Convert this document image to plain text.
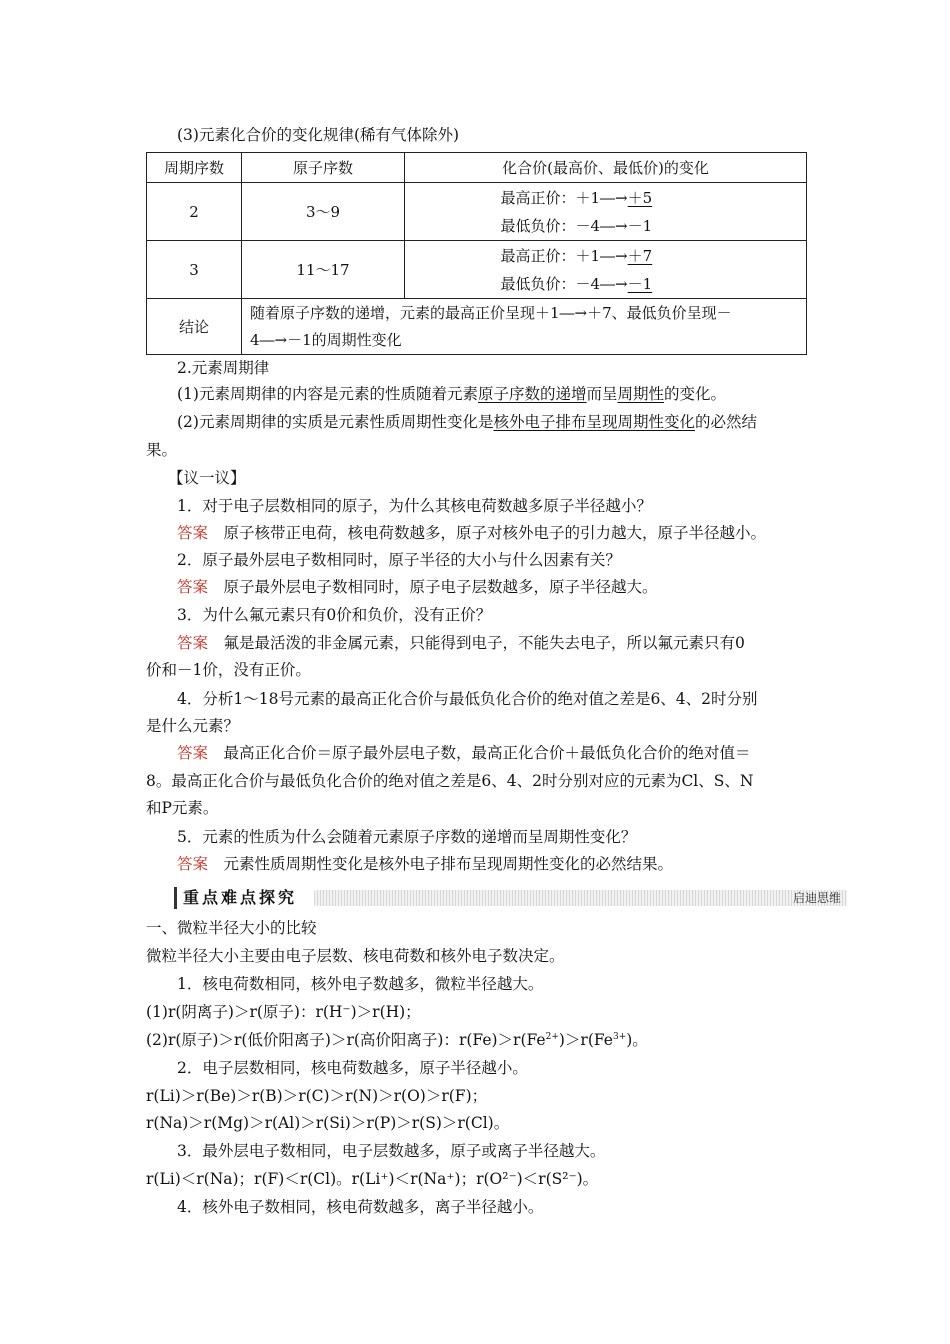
(3)元素化合价的变化规律(稀有气体除外)
周期序数	原子序数	化合价(最高价、最低价)的变化
2	3～9	最高正价：＋1―→＋5
最低负价：－4―→－1

3	11～17	最高正价：＋1―→＋7
最低负价：－4―→－1

结论	随着原子序数的递增，元素的最高正价呈现＋1―→＋7、最低负价呈现－
4―→－1的周期性变化	
2.元素周期律
(1)元素周期律的内容是元素的性质随着元素原子序数的递增而呈周期性的变化。
(2)元素周期律的实质是元素性质周期性变化是核外电子排布呈现周期性变化的必然结
果。
【议一议】
1．对于电子层数相同的原子，为什么其核电荷数越多原子半径越小？
答案　 原子核带正电荷，核电荷数越多，原子对核外电子的引力越大，原子半径越小。
2．原子最外层电子数相同时，原子半径的大小与什么因素有关？
答案　 原子最外层电子数相同时，原子电子层数越多，原子半径越大。
3．为什么氟元素只有0价和负价，没有正价？
答案　 氟是最活泼的非金属元素，只能得到电子，不能失去电子，所以氟元素只有0
价和－1价，没有正价。
4．分析1～18号元素的最高正化合价与最低负化合价的绝对值之差是6、4、2时分别
是什么元素？
答案　 最高正化合价＝原子最外层电子数，最高正化合价＋最低负化合价的绝对值＝
8。最高正化合价与最低负化合价的绝对值之差是6、4、2时分别对应的元素为Cl、S、N
和P元素。
5．元素的性质为什么会随着元素原子序数的递增而呈周期性变化？
答案　 元素性质周期性变化是核外电子排布呈现周期性变化的必然结果。
重点难点探究	启迪思维
一、微粒半径大小的比较
微粒半径大小主要由电子层数、核电荷数和核外电子数决定。
1．核电荷数相同，核外电子数越多，微粒半径越大。
(1)r(阴离子)＞r(原子)：r(H⁻)＞r(H)；
(2)r(原子)＞r(低价阳离子)＞r(高价阳离子)：$r(Fe)>r(Fe^{2+})>r(Fe^{3+})$。
2．电子层数相同，核电荷数越多，原子半径越小。
r(Li)＞r(Be)＞r(B)＞r(C)＞r(N)＞r(O)＞r(F)；
r(Na)＞r(Mg)＞r(Al)＞r(Si)＞r(P)＞r(S)＞r(Cl)。
3．最外层电子数相同，电子层数越多，原子或离子半径越大。
r(Li)＜r(Na)；r(F)＜r(Cl)。r(Li⁺)＜r(Na⁺)；r(O²⁻)＜r(S²⁻)。
4．核外电子数相同，核电荷数越多，离子半径越小。
